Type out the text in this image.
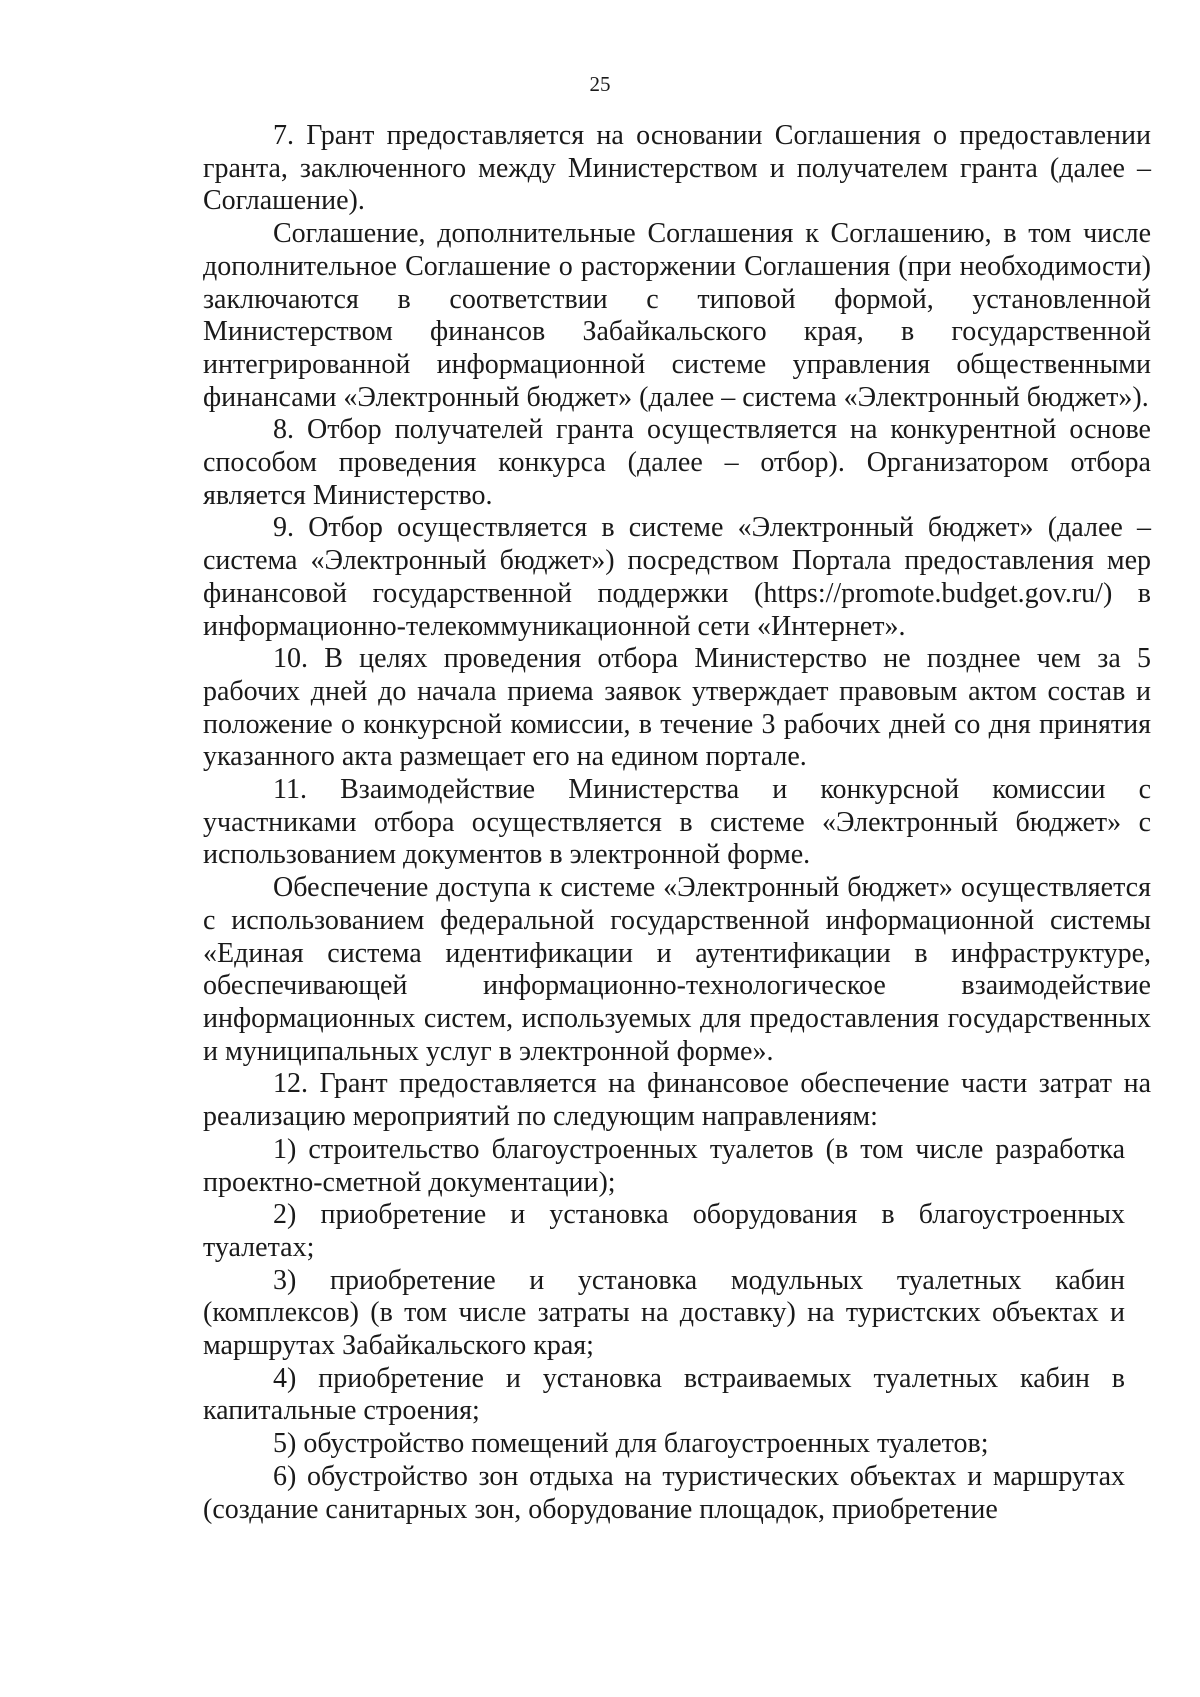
25

7. Грант предоставляется на основании Соглашения о предоставлении гранта, заключенного между Министерством и получателем гранта (далее – Соглашение).

Соглашение, дополнительные Соглашения к Соглашению, в том числе дополнительное Соглашение о расторжении Соглашения (при необходимости) заключаются в соответствии с типовой формой, установленной Министерством финансов Забайкальского края, в государственной интегрированной информационной системе управления общественными финансами «Электронный бюджет» (далее – система «Электронный бюджет»).

8. Отбор получателей гранта осуществляется на конкурентной основе способом проведения конкурса (далее – отбор). Организатором отбора является Министерство.

9. Отбор осуществляется в системе «Электронный бюджет» (далее – система «Электронный бюджет») посредством Портала предоставления мер финансовой государственной поддержки (https://promote.budget.gov.ru/) в информационно-телекоммуникационной сети «Интернет».

10. В целях проведения отбора Министерство не позднее чем за 5 рабочих дней до начала приема заявок утверждает правовым актом состав и положение о конкурсной комиссии, в течение 3 рабочих дней со дня принятия указанного акта размещает его на едином портале.

11. Взаимодействие Министерства и конкурсной комиссии с участниками отбора осуществляется в системе «Электронный бюджет» с использованием документов в электронной форме.

Обеспечение доступа к системе «Электронный бюджет» осуществляется с использованием федеральной государственной информационной системы «Единая система идентификации и аутентификации в инфраструктуре, обеспечивающей информационно-технологическое взаимодействие информационных систем, используемых для предоставления государственных и муниципальных услуг в электронной форме».

12. Грант предоставляется на финансовое обеспечение части затрат на реализацию мероприятий по следующим направлениям:

1) строительство благоустроенных туалетов (в том числе разработка проектно-сметной документации);

2) приобретение и установка оборудования в благоустроенных туалетах;

3) приобретение и установка модульных туалетных кабин (комплексов) (в том числе затраты на доставку) на туристских объектах и маршрутах Забайкальского края;

4) приобретение и установка встраиваемых туалетных кабин в капитальные строения;

5) обустройство помещений для благоустроенных туалетов;

6) обустройство зон отдыха на туристических объектах и маршрутах (создание санитарных зон, оборудование площадок, приобретение
